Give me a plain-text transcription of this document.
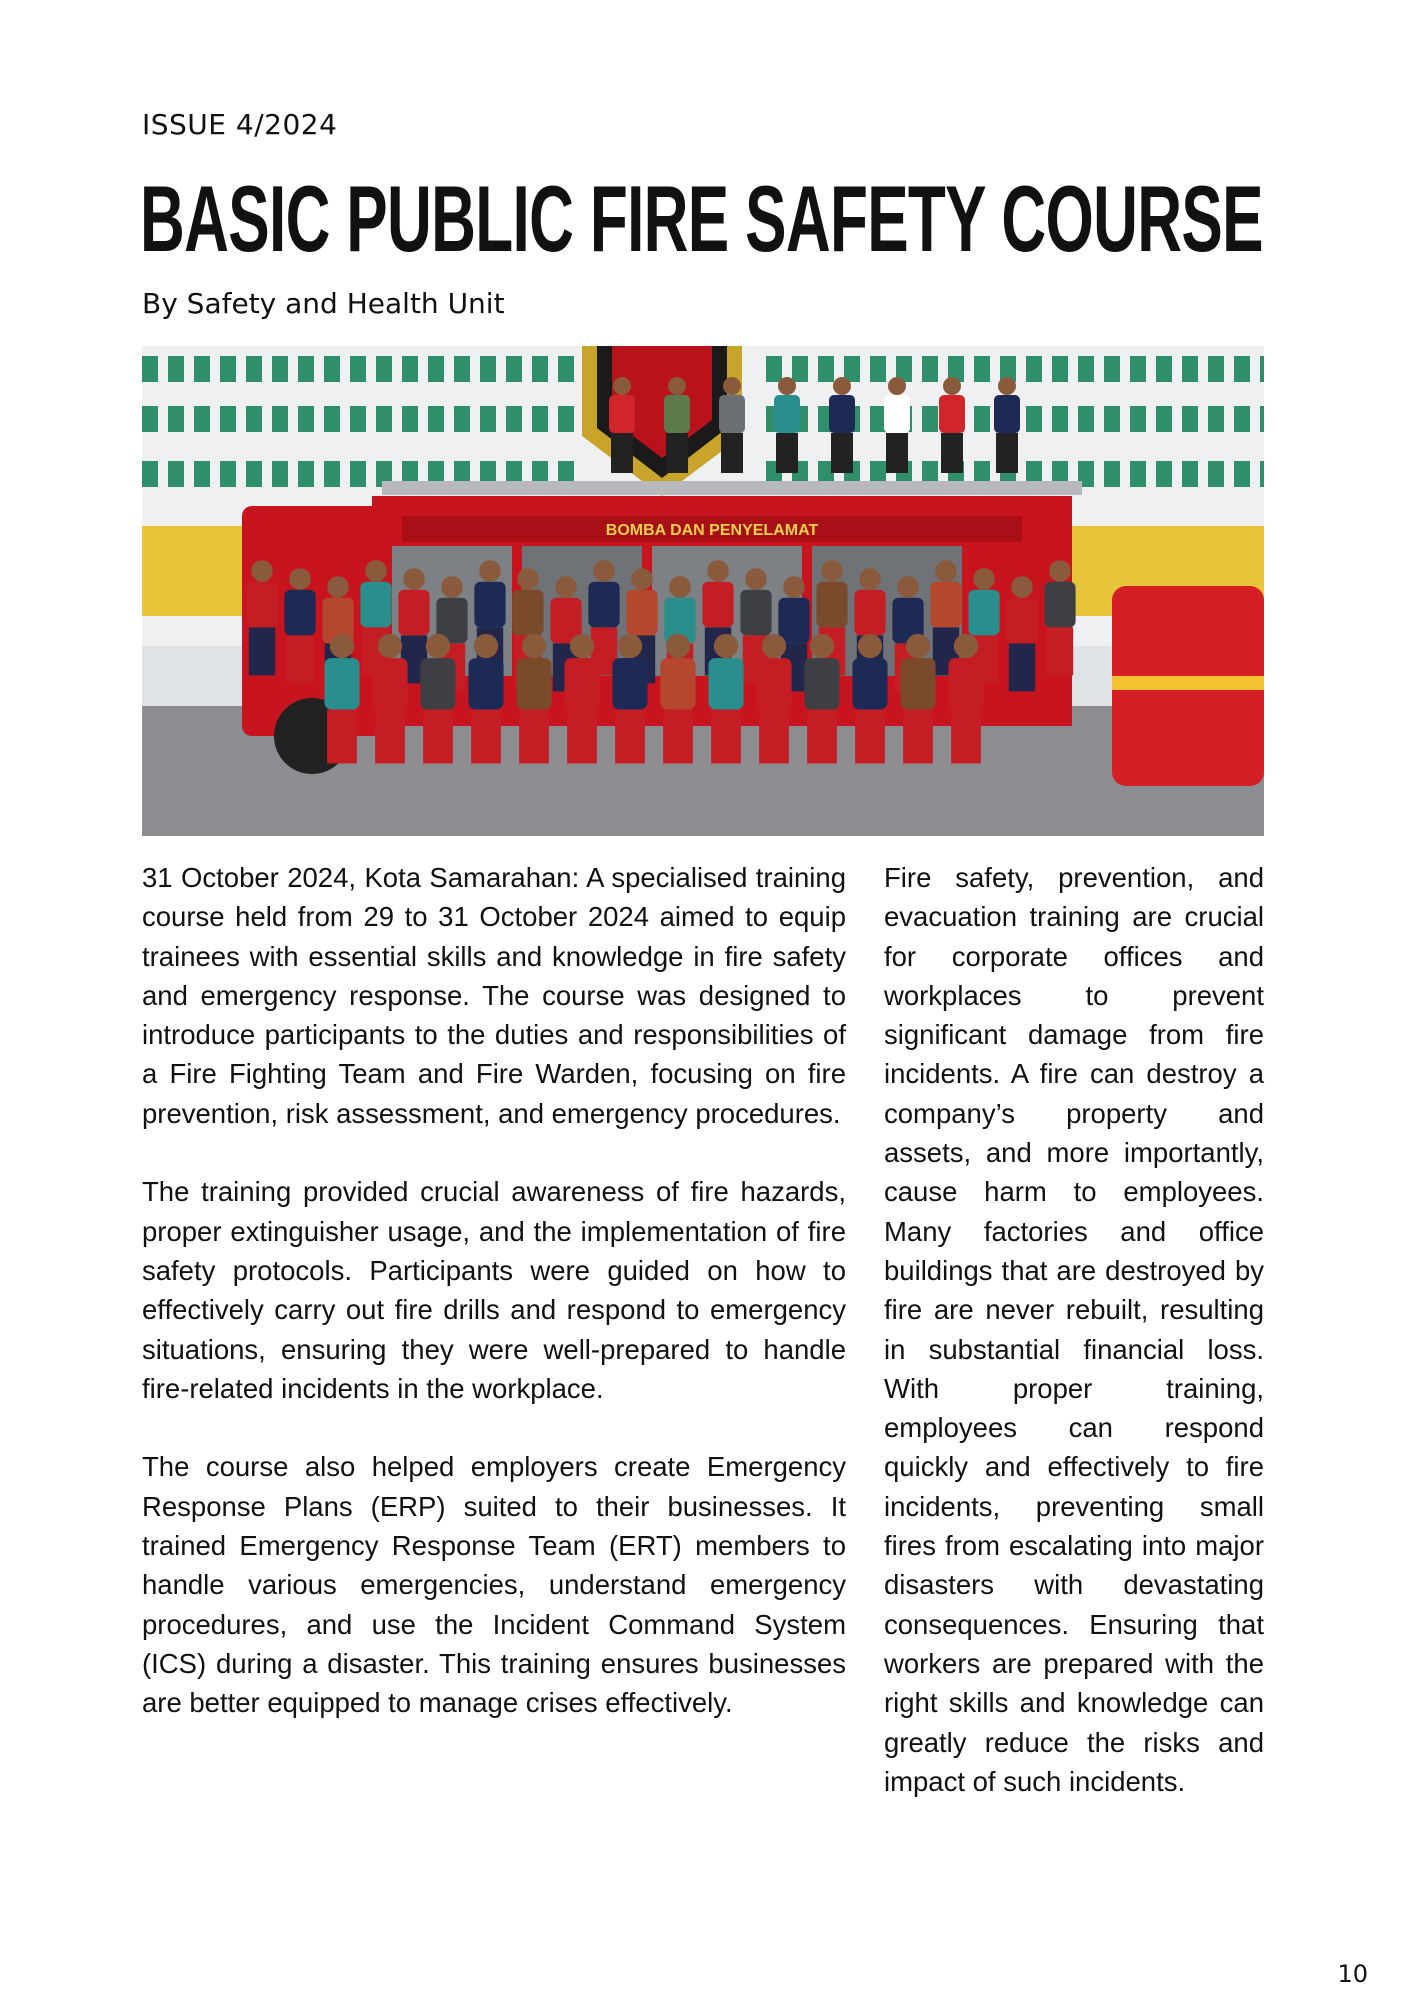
ISSUE 4/2024
BASIC PUBLIC FIRE SAFETY COURSE
By Safety and Health Unit
BOMBA DAN PENYELAMAT

31 October 2024, Kota Samarahan: A specialised training course held from 29 to 31 October 2024 aimed to equip trainees with essential skills and knowledge in fire safety and emergency response. The course was designed to introduce participants to the duties and responsibilities of a Fire Fighting Team and Fire Warden, focusing on fire prevention, risk assessment, and emergency procedures.

The training provided crucial awareness of fire hazards, proper extinguisher usage, and the implementation of fire safety protocols. Participants were guided on how to effectively carry out fire drills and respond to emergency situations, ensuring they were well-prepared to handle fire-related incidents in the workplace.

The course also helped employers create Emergency Response Plans (ERP) suited to their businesses. It trained Emergency Response Team (ERT) members to handle various emergencies, understand emergency procedures, and use the Incident Command System (ICS) during a disaster. This training ensures businesses are better equipped to manage crises effectively.

Fire safety, prevention, and evacuation training are crucial for corporate offices and workplaces to prevent significant damage from fire incidents. A fire can destroy a company’s property and assets, and more importantly, cause harm to employees. Many factories and office buildings that are destroyed by fire are never rebuilt, resulting in substantial financial loss. With proper training, employees can respond quickly and effectively to fire incidents, preventing small fires from escalating into major disasters with devastating consequences. Ensuring that workers are prepared with the right skills and knowledge can greatly reduce the risks and impact of such incidents.

10
